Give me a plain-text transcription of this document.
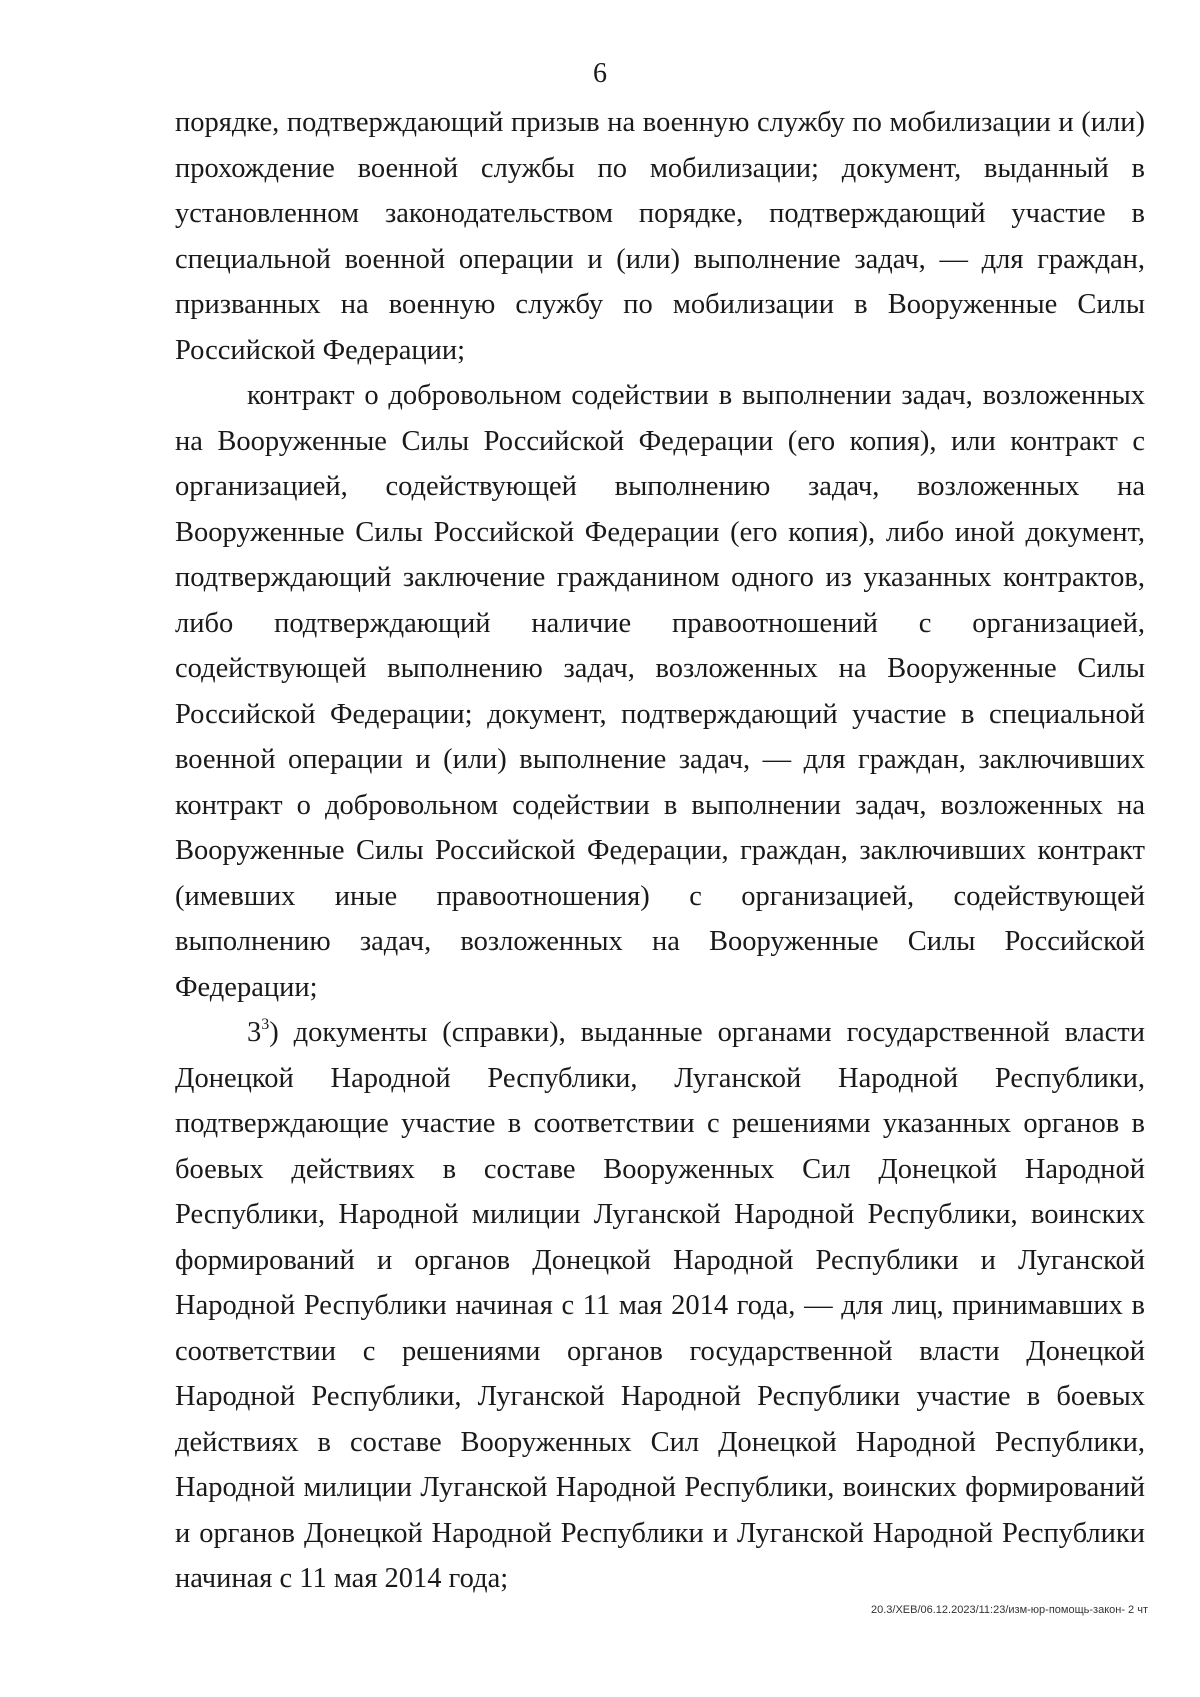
6

порядке, подтверждающий призыв на военную службу по мобилизации и (или) прохождение военной службы по мобилизации; документ, выданный в установленном законодательством порядке, подтверждающий участие в специальной военной операции и (или) выполнение задач, — для граждан, призванных на военную службу по мобилизации в Вооруженные Силы Российской Федерации;

контракт о добровольном содействии в выполнении задач, возложенных на Вооруженные Силы Российской Федерации (его копия), или контракт с организацией, содействующей выполнению задач, возложенных на Вооруженные Силы Российской Федерации (его копия), либо иной документ, подтверждающий заключение гражданином одного из указанных контрактов, либо подтверждающий наличие правоотношений с организацией, содействующей выполнению задач, возложенных на Вооруженные Силы Российской Федерации; документ, подтверждающий участие в специальной военной операции и (или) выполнение задач, — для граждан, заключивших контракт о добровольном содействии в выполнении задач, возложенных на Вооруженные Силы Российской Федерации, граждан, заключивших контракт (имевших иные правоотношения) с организацией, содействующей выполнению задач, возложенных на Вооруженные Силы Российской Федерации;

$3^3$) документы (справки), выданные органами государственной власти Донецкой Народной Республики, Луганской Народной Республики, подтверждающие участие в соответствии с решениями указанных органов в боевых действиях в составе Вооруженных Сил Донецкой Народной Республики, Народной милиции Луганской Народной Республики, воинских формирований и органов Донецкой Народной Республики и Луганской Народной Республики начиная с 11 мая 2014 года, — для лиц, принимавших в соответствии с решениями органов государственной власти Донецкой Народной Республики, Луганской Народной Республики участие в боевых действиях в составе Вооруженных Сил Донецкой Народной Республики, Народной милиции Луганской Народной Республики, воинских формирований и органов Донецкой Народной Республики и Луганской Народной Республики начиная с 11 мая 2014 года;

20.3/ХЕВ/06.12.2023/11:23/изм-юр-помощь-закон- 2 чт
